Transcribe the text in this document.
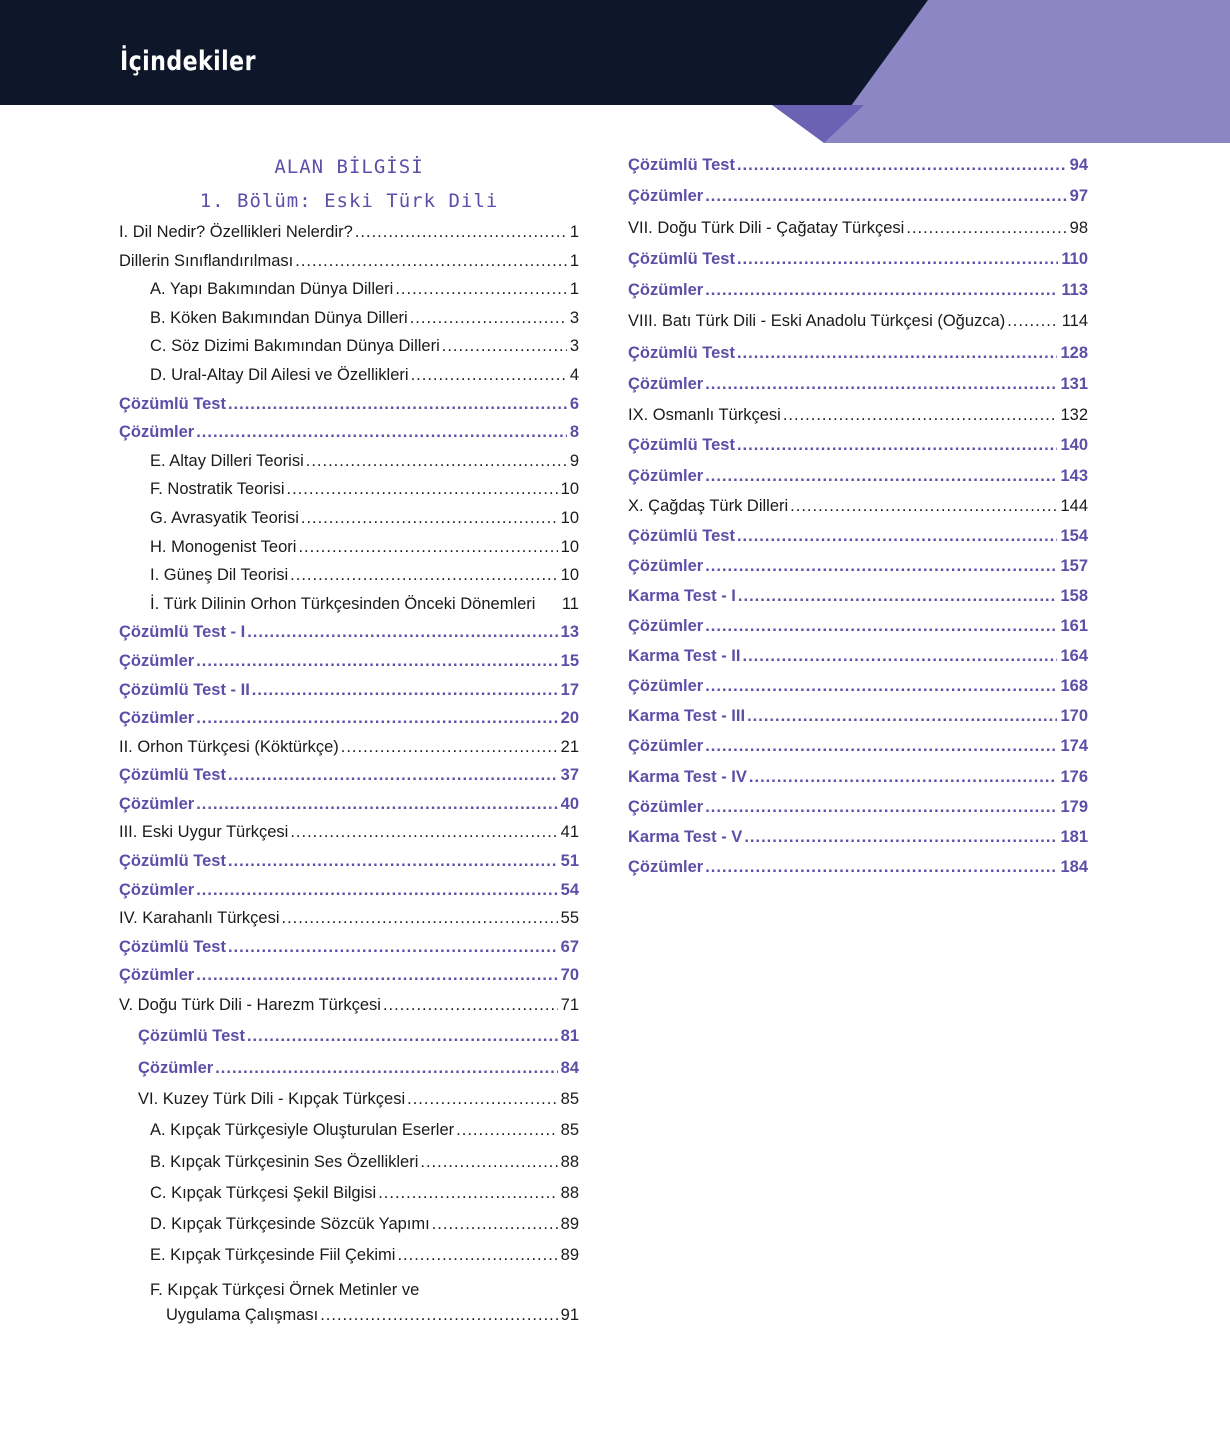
İçindekiler
ALAN BİLGİSİ
1. Bölüm: Eski Türk Dili
I. Dil Nedir? Özellikleri Nelerdir? .....	1
Dillerin Sınıflandırılması .....	1
A. Yapı Bakımından Dünya Dilleri .....	1
B. Köken Bakımından Dünya Dilleri .....	3
C. Söz Dizimi Bakımından Dünya Dilleri .....	3
D. Ural-Altay Dil Ailesi ve Özellikleri .....	4
Çözümlü Test .....	6
Çözümler .....	8
E. Altay Dilleri Teorisi .....	9
F. Nostratik Teorisi .....	10
G. Avrasyatik Teorisi .....	10
H. Monogenist Teori .....	10
I. Güneş Dil Teorisi .....	10
İ. Türk Dilinin Orhon Türkçesinden Önceki Dönemleri 11
Çözümlü Test - I .....	13
Çözümler .....	15
Çözümlü Test - II .....	17
Çözümler .....	20
II. Orhon Türkçesi (Köktürkçe) .....	21
Çözümlü Test .....	37
Çözümler .....	40
III. Eski Uygur Türkçesi .....	41
Çözümlü Test .....	51
Çözümler .....	54
IV. Karahanlı Türkçesi .....	55
Çözümlü Test .....	67
Çözümler .....	70
V. Doğu Türk Dili - Harezm Türkçesi .....	71
Çözümlü Test .....	81
Çözümler .....	84
VI. Kuzey Türk Dili - Kıpçak Türkçesi .....	85
A. Kıpçak Türkçesiyle Oluşturulan Eserler .....	85
B. Kıpçak Türkçesinin Ses Özellikleri .....	88
C. Kıpçak Türkçesi Şekil Bilgisi .....	88
D. Kıpçak Türkçesinde Sözcük Yapımı .....	89
E. Kıpçak Türkçesinde Fiil Çekimi .....	89
F. Kıpçak Türkçesi Örnek Metinler ve
Uygulama Çalışması .....	91
Çözümlü Test .....	94
Çözümler .....	97
VII. Doğu Türk Dili - Çağatay Türkçesi .....	98
Çözümlü Test .....	110
Çözümler .....	113
VIII. Batı Türk Dili - Eski Anadolu Türkçesi (Oğuzca) .....	114
Çözümlü Test .....	128
Çözümler .....	131
IX. Osmanlı Türkçesi .....	132
Çözümlü Test .....	140
Çözümler .....	143
X. Çağdaş Türk Dilleri .....	144
Çözümlü Test .....	154
Çözümler .....	157
Karma Test - I .....	158
Çözümler .....	161
Karma Test - II .....	164
Çözümler .....	168
Karma Test - III .....	170
Çözümler .....	174
Karma Test - IV .....	176
Çözümler .....	179
Karma Test - V .....	181
Çözümler .....	184
